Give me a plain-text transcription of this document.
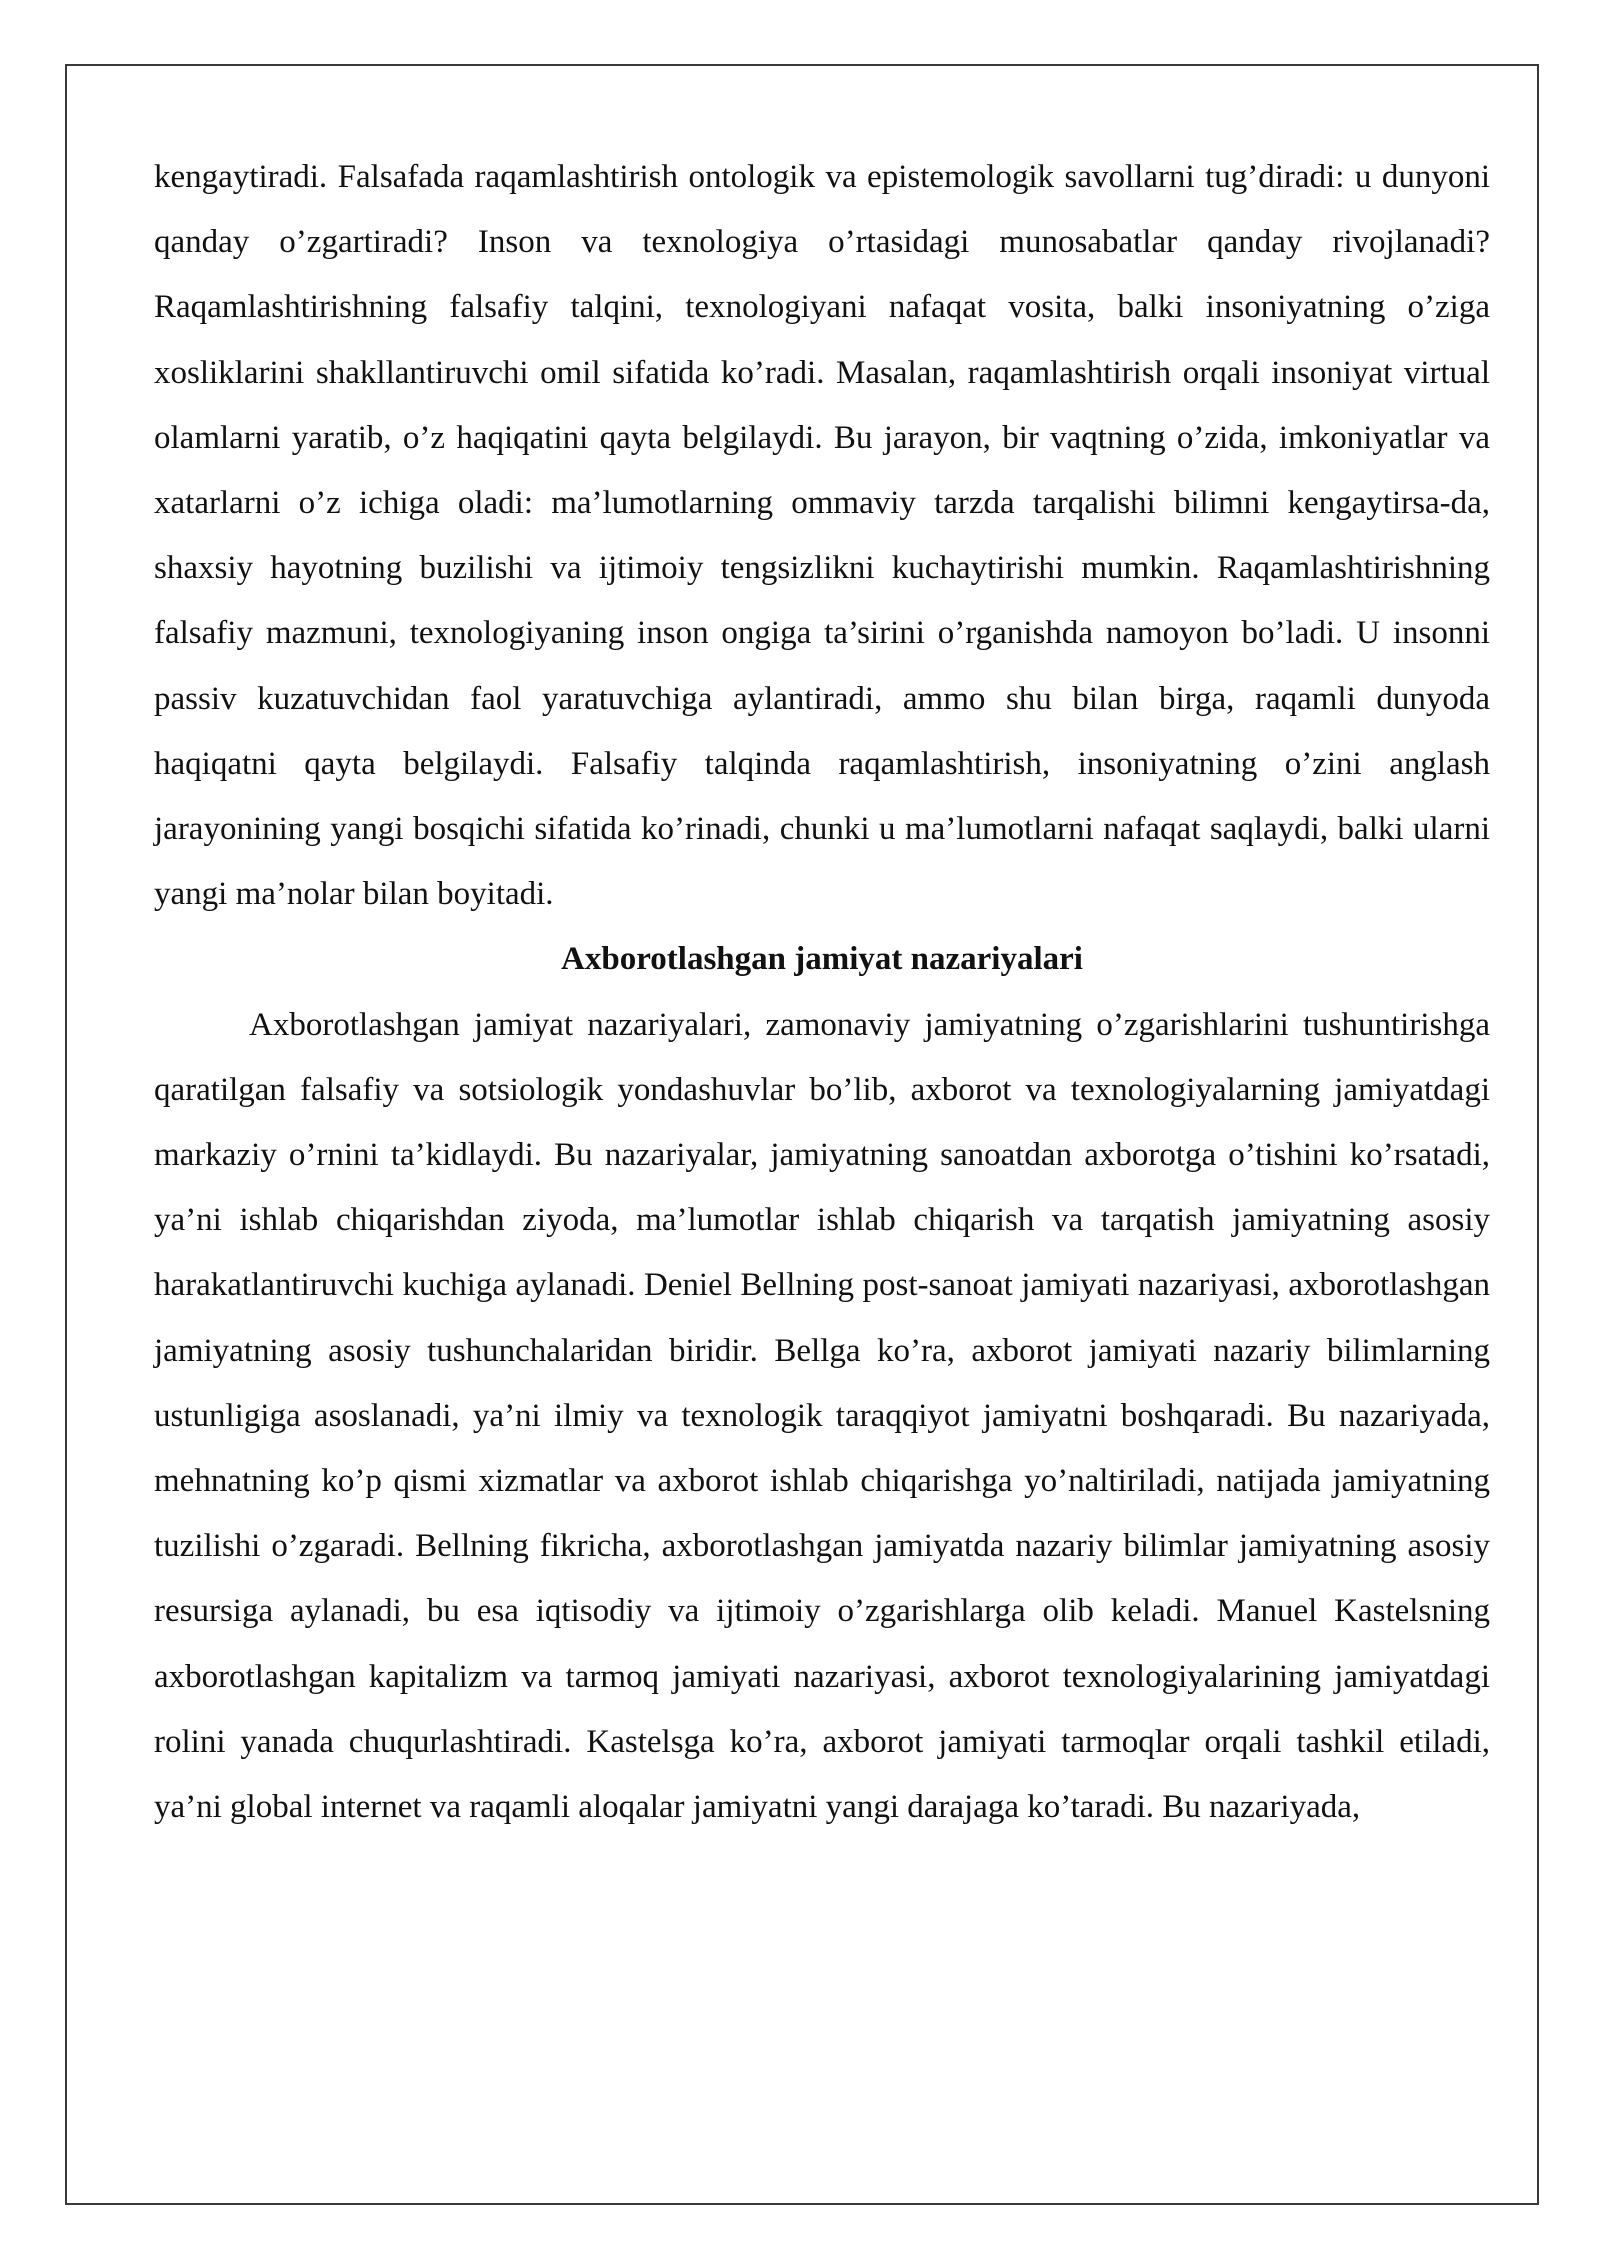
kengaytiradi. Falsafada raqamlashtirish ontologik va epistemologik savollarni tug’diradi: u dunyoni qanday o’zgartiradi? Inson va texnologiya o’rtasidagi munosabatlar qanday rivojlanadi? Raqamlashtirishning falsafiy talqini, texnologiyani nafaqat vosita, balki insoniyatning o’ziga xosliklarini shakllantiruvchi omil sifatida ko’radi. Masalan, raqamlashtirish orqali insoniyat virtual olamlarni yaratib, o’z haqiqatini qayta belgilaydi. Bu jarayon, bir vaqtning o’zida, imkoniyatlar va xatarlarni o’z ichiga oladi: ma’lumotlarning ommaviy tarzda tarqalishi bilimni kengaytirsa-da, shaxsiy hayotning buzilishi va ijtimoiy tengsizlikni kuchaytirishi mumkin. Raqamlashtirishning falsafiy mazmuni, texnologiyaning inson ongiga ta’sirini o’rganishda namoyon bo’ladi. U insonni passiv kuzatuvchidan faol yaratuvchiga aylantiradi, ammo shu bilan birga, raqamli dunyoda haqiqatni qayta belgilaydi. Falsafiy talqinda raqamlashtirish, insoniyatning o’zini anglash jarayonining yangi bosqichi sifatida ko’rinadi, chunki u ma’lumotlarni nafaqat saqlaydi, balki ularni yangi ma’nolar bilan boyitadi.

Axborotlashgan jamiyat nazariyalari

Axborotlashgan jamiyat nazariyalari, zamonaviy jamiyatning o’zgarishlarini tushuntirishga qaratilgan falsafiy va sotsiologik yondashuvlar bo’lib, axborot va texnologiyalarning jamiyatdagi markaziy o’rnini ta’kidlaydi. Bu nazariyalar, jamiyatning sanoatdan axborotga o’tishini ko’rsatadi, ya’ni ishlab chiqarishdan ziyoda, ma’lumotlar ishlab chiqarish va tarqatish jamiyatning asosiy harakatlantiruvchi kuchiga aylanadi. Deniel Bellning post-sanoat jamiyati nazariyasi, axborotlashgan jamiyatning asosiy tushunchalaridan biridir. Bellga ko’ra, axborot jamiyati nazariy bilimlarning ustunligiga asoslanadi, ya’ni ilmiy va texnologik taraqqiyot jamiyatni boshqaradi. Bu nazariyada, mehnatning ko’p qismi xizmatlar va axborot ishlab chiqarishga yo’naltiriladi, natijada jamiyatning tuzilishi o’zgaradi. Bellning fikricha, axborotlashgan jamiyatda nazariy bilimlar jamiyatning asosiy resursiga aylanadi, bu esa iqtisodiy va ijtimoiy o’zgarishlarga olib keladi. Manuel Kastelsning axborotlashgan kapitalizm va tarmoq jamiyati nazariyasi, axborot texnologiyalarining jamiyatdagi rolini yanada chuqurlashtiradi. Kastelsga ko’ra, axborot jamiyati tarmoqlar orqali tashkil etiladi, ya’ni global internet va raqamli aloqalar jamiyatni yangi darajaga ko’taradi. Bu nazariyada,
